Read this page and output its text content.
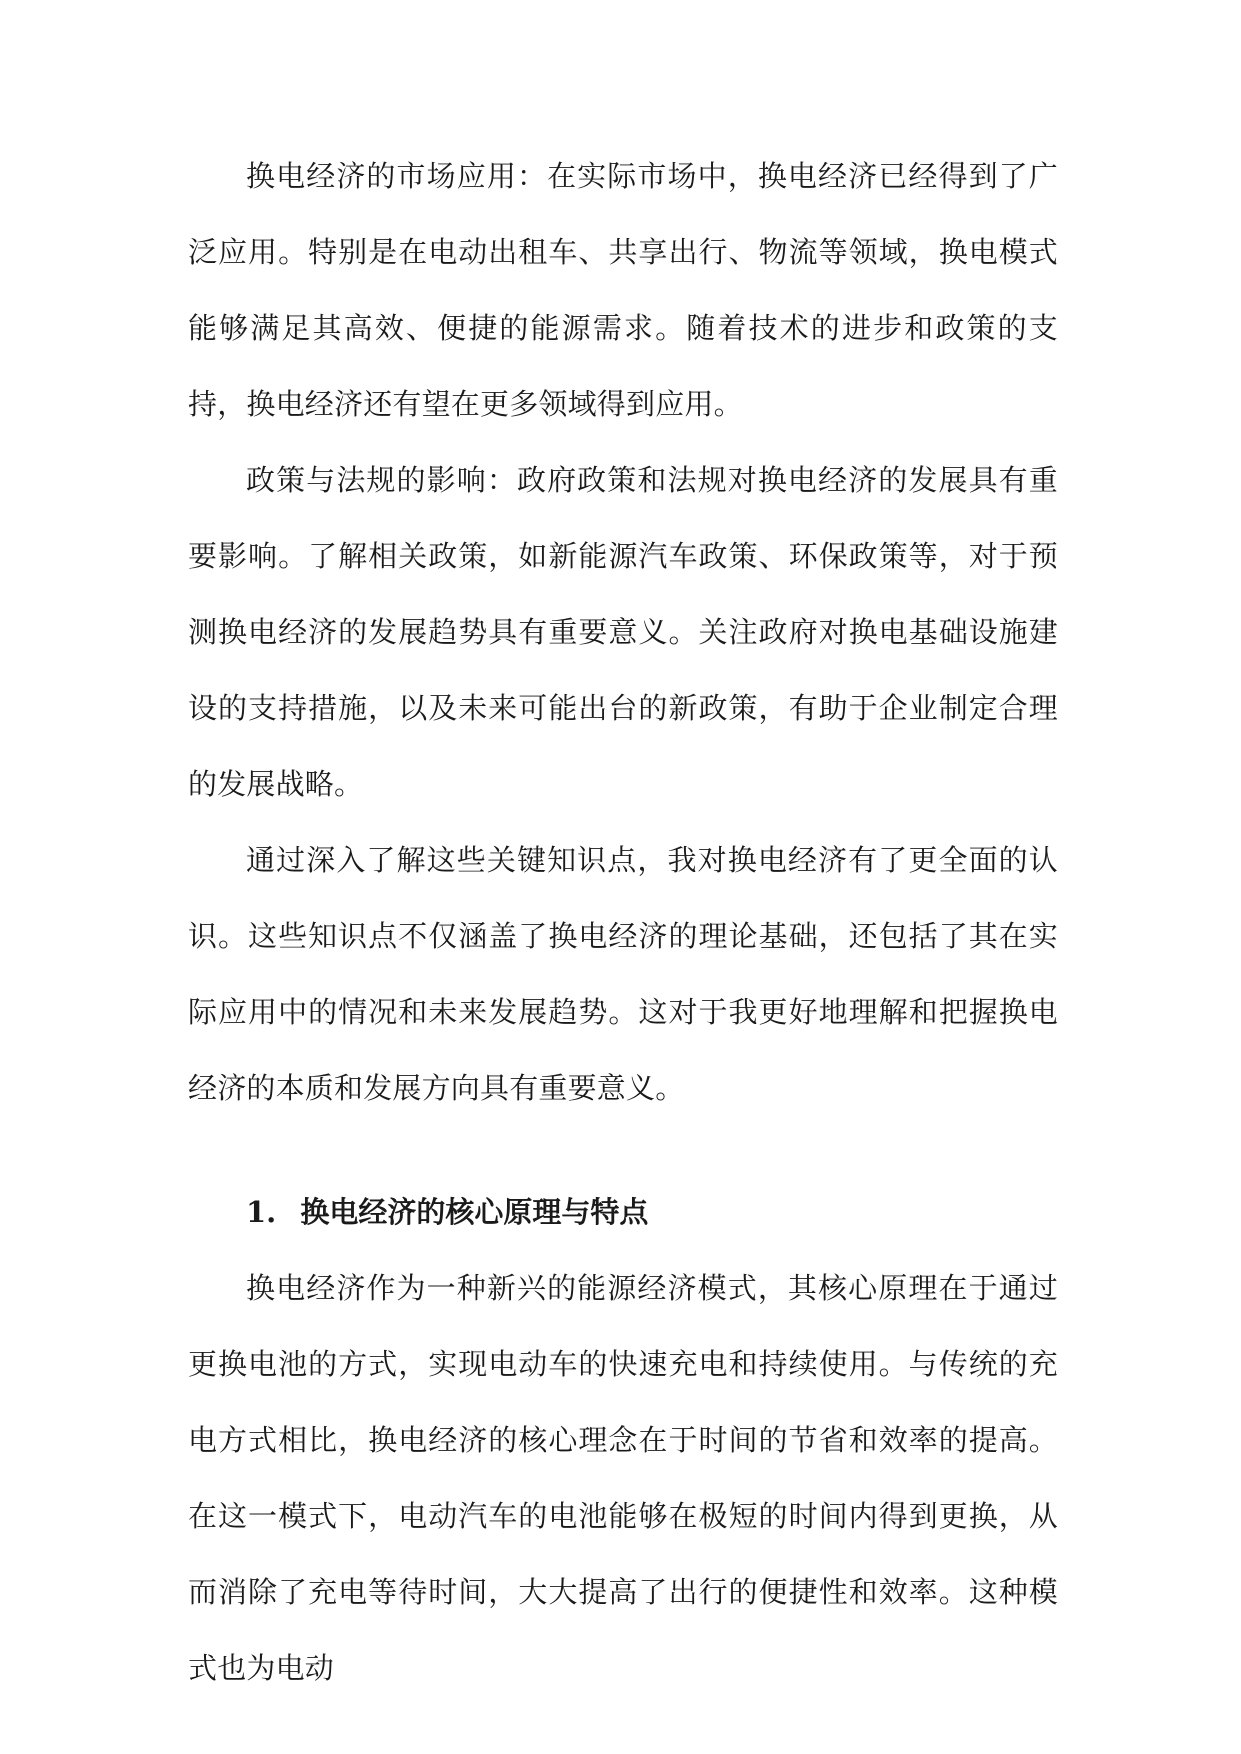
换电经济的市场应用：在实际市场中，换电经济已经得到了广泛应用。特别是在电动出租车、共享出行、物流等领域，换电模式能够满足其高效、便捷的能源需求。随着技术的进步和政策的支持，换电经济还有望在更多领域得到应用。

政策与法规的影响：政府政策和法规对换电经济的发展具有重要影响。了解相关政策，如新能源汽车政策、环保政策等，对于预测换电经济的发展趋势具有重要意义。关注政府对换电基础设施建设的支持措施，以及未来可能出台的新政策，有助于企业制定合理的发展战略。

通过深入了解这些关键知识点，我对换电经济有了更全面的认识。这些知识点不仅涵盖了换电经济的理论基础，还包括了其在实际应用中的情况和未来发展趋势。这对于我更好地理解和把握换电经济的本质和发展方向具有重要意义。

1. 换电经济的核心原理与特点

换电经济作为一种新兴的能源经济模式，其核心原理在于通过更换电池的方式，实现电动车的快速充电和持续使用。与传统的充电方式相比，换电经济的核心理念在于时间的节省和效率的提高。在这一模式下，电动汽车的电池能够在极短的时间内得到更换，从而消除了充电等待时间，大大提高了出行的便捷性和效率。这种模式也为电动
